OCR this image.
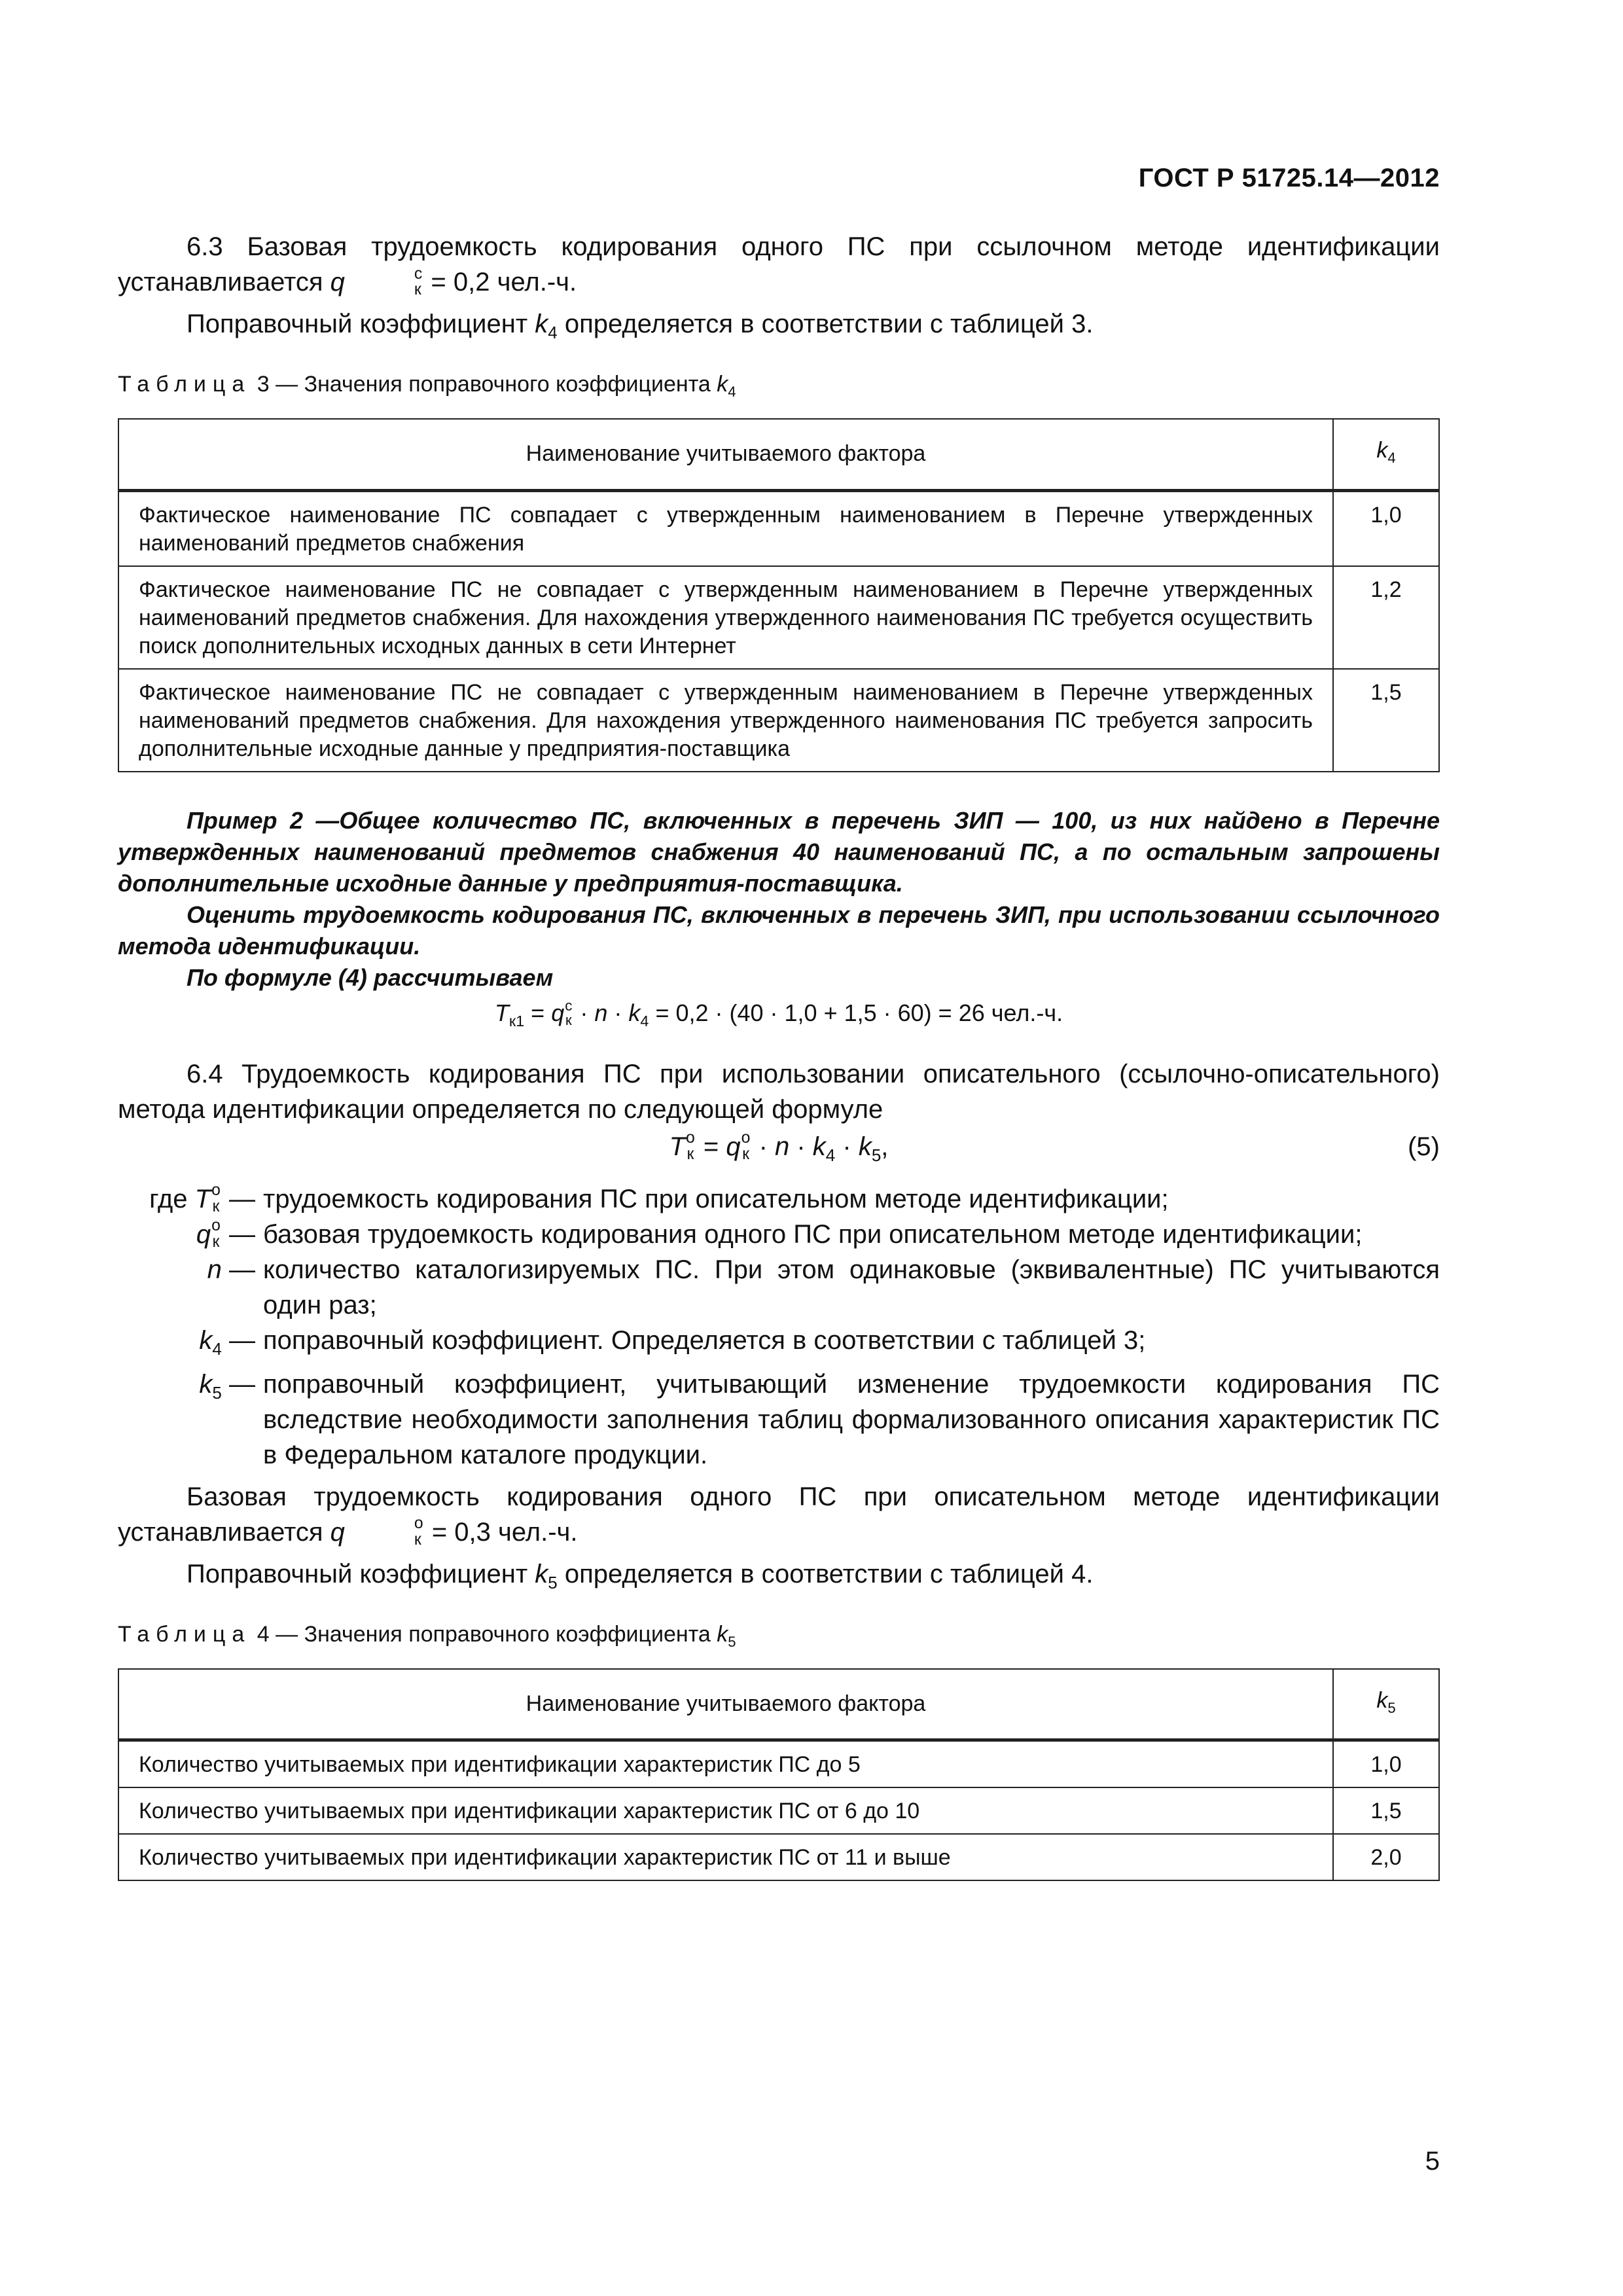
ГОСТ Р 51725.14—2012

6.3 Базовая трудоемкость кодирования одного ПС при ссылочном методе идентификации устанавливается q	с
к = 0,2 чел.-ч.

Поправочный коэффициент $k_4$ определяется в соответствии с таблицей 3.

Таблица 3 — Значения поправочного коэффициента $k_4$
Наименование учитываемого фактора	$k_4$
Фактическое наименование ПС совпадает с утвержденным наименованием в Перечне утвержденных наименований предметов снабжения	1,0
Фактическое наименование ПС не совпадает с утвержденным наименованием в Перечне утвержденных наименований предметов снабжения. Для нахождения утвержденного наименования ПС требуется осуществить поиск дополнительных исходных данных в сети Интернет	1,2
Фактическое наименование ПС не совпадает с утвержденным наименованием в Перечне утвержденных наименований предметов снабжения. Для нахождения утвержденного наименования ПС требуется запросить дополнительные исходные данные у предприятия-поставщика	1,5

Пример 2 —Общее количество ПС, включенных в перечень ЗИП — 100, из них найдено в Перечне утвержденных наименований предметов снабжения 40 наименований ПС, а по остальным запрошены дополнительные исходные данные у предприятия-поставщика.

Оценить трудоемкость кодирования ПС, включенных в перечень ЗИП, при использовании ссылочного метода идентификации.

По формуле (4) рассчитываем

$T_{к1} = q$ с
$к \cdot n \cdot k_4 = 0,2 \cdot (40 \cdot 1,0 + 1,5 \cdot 60) = 26$ чел.-ч.

6.4 Трудоемкость кодирования ПС при использовании описательного (ссылочно-описательного) метода идентификации определяется по следующей формуле

T о
к = q о
$к \cdot n \cdot k_4 \cdot k_5$,	(5)
где T о
к — трудоемкость кодирования ПС при описательном методе идентификации;
q о
к — базовая трудоемкость кодирования одного ПС при описательном методе идентификации;
n — количество каталогизируемых ПС. При этом одинаковые (эквивалентные) ПС учитываются один раз;
$k_4$ — поправочный коэффициент. Определяется в соответствии с таблицей 3;
$k_5$ — поправочный коэффициент, учитывающий изменение трудоемкости кодирования ПС вследствие необходимости заполнения таблиц формализованного описания характеристик ПС в Федеральном каталоге продукции.

Базовая трудоемкость кодирования одного ПС при описательном методе идентификации устанавливается q	о
к = 0,3 чел.-ч.

Поправочный коэффициент $k_5$ определяется в соответствии с таблицей 4.

Таблица 4 — Значения поправочного коэффициента $k_5$
Наименование учитываемого фактора	$k_5$
Количество учитываемых при идентификации характеристик ПС до 5	1,0
Количество учитываемых при идентификации характеристик ПС от 6 до 10	1,5
Количество учитываемых при идентификации характеристик ПС от 11 и выше	2,0
5
